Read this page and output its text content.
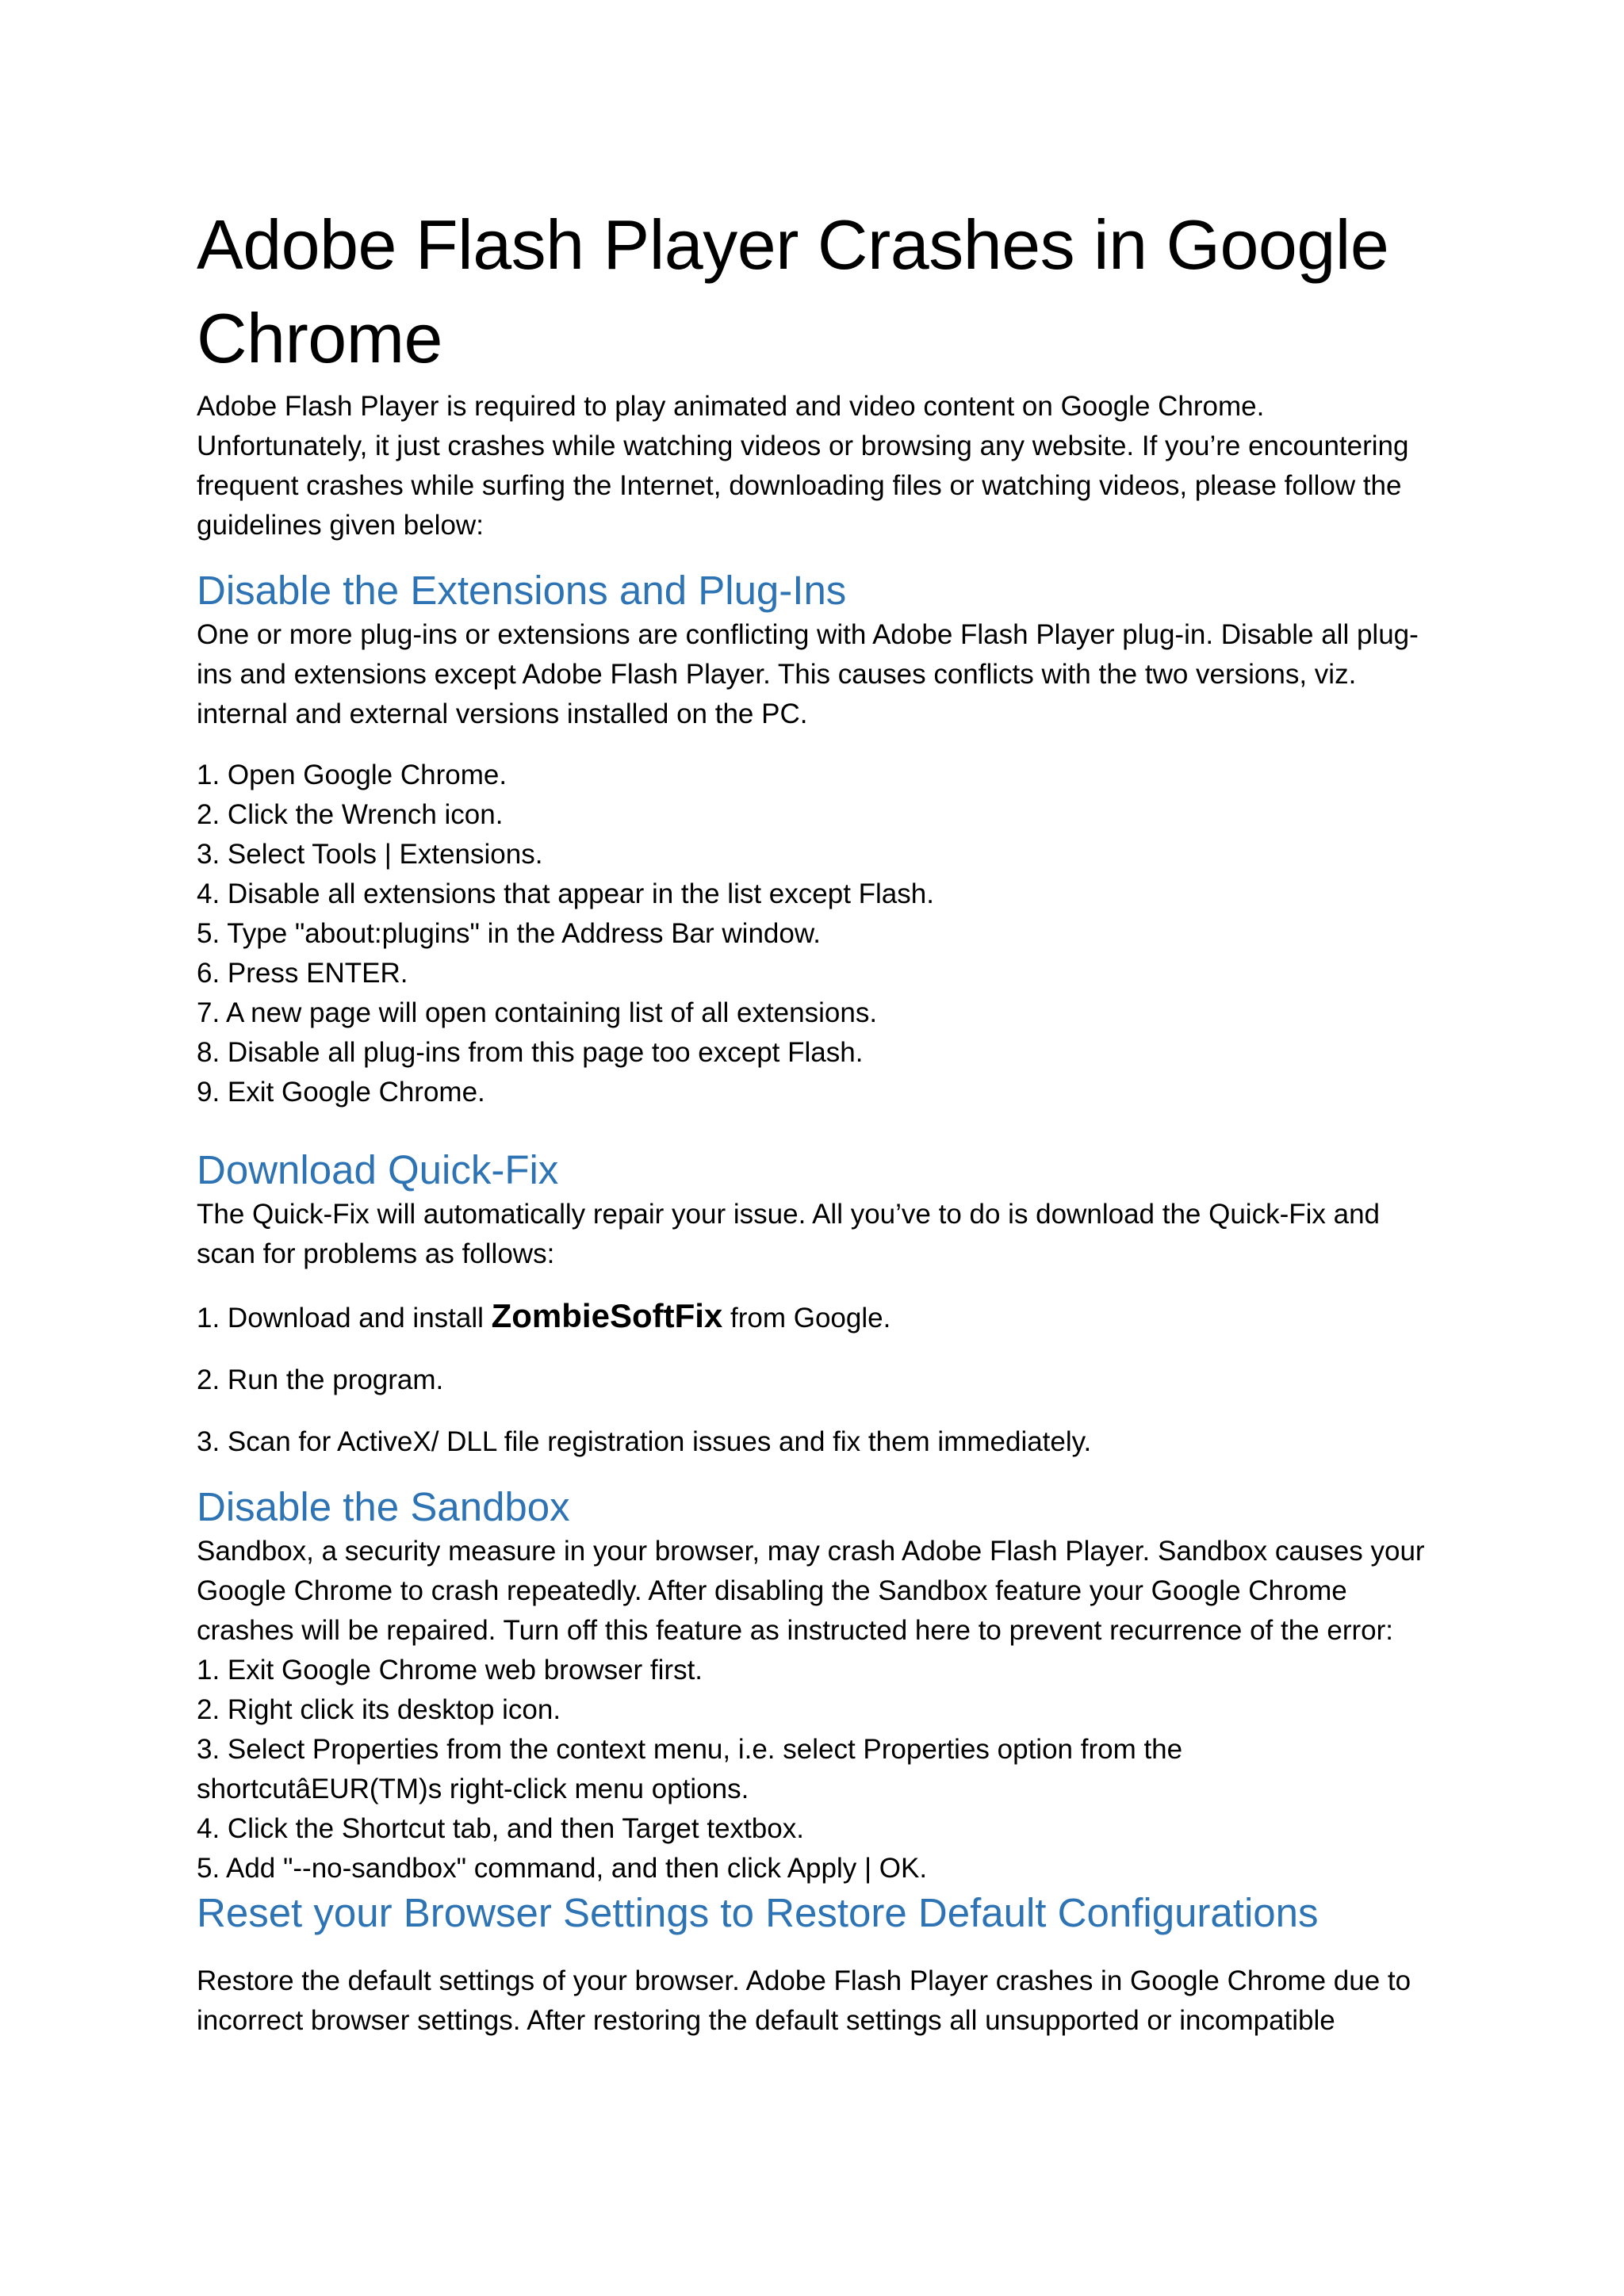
Adobe Flash Player Crashes in Google Chrome

Adobe Flash Player is required to play animated and video content on Google Chrome. Unfortunately, it just crashes while watching videos or browsing any website. If you’re encountering frequent crashes while surfing the Internet, downloading files or watching videos, please follow the guidelines given below:

Disable the Extensions and Plug-Ins

One or more plug-ins or extensions are conflicting with Adobe Flash Player plug-in. Disable all plug-ins and extensions except Adobe Flash Player. This causes conflicts with the two versions, viz. internal and external versions installed on the PC.

1. Open Google Chrome.
2. Click the Wrench icon.
3. Select Tools | Extensions.
4. Disable all extensions that appear in the list except Flash.
5. Type "about:plugins" in the Address Bar window.
6. Press ENTER.
7. A new page will open containing list of all extensions.
8. Disable all plug-ins from this page too except Flash.
9. Exit Google Chrome.
Download Quick-Fix

The Quick-Fix will automatically repair your issue. All you’ve to do is download the Quick-Fix and scan for problems as follows:

1. Download and install ZombieSoftFix from Google.

2. Run the program.

3. Scan for ActiveX/ DLL file registration issues and fix them immediately.

Disable the Sandbox

Sandbox, a security measure in your browser, may crash Adobe Flash Player. Sandbox causes your Google Chrome to crash repeatedly. After disabling the Sandbox feature your Google Chrome crashes will be repaired. Turn off this feature as instructed here to prevent recurrence of the error:

1. Exit Google Chrome web browser first.
2. Right click its desktop icon.
3. Select Properties from the context menu, i.e. select Properties option from the shortcutâEUR(TM)s right-click menu options.
4. Click the Shortcut tab, and then Target textbox.
5. Add "--no-sandbox" command, and then click Apply | OK.
Reset your Browser Settings to Restore Default Configurations

Restore the default settings of your browser. Adobe Flash Player crashes in Google Chrome due to incorrect browser settings. After restoring the default settings all unsupported or incompatible
